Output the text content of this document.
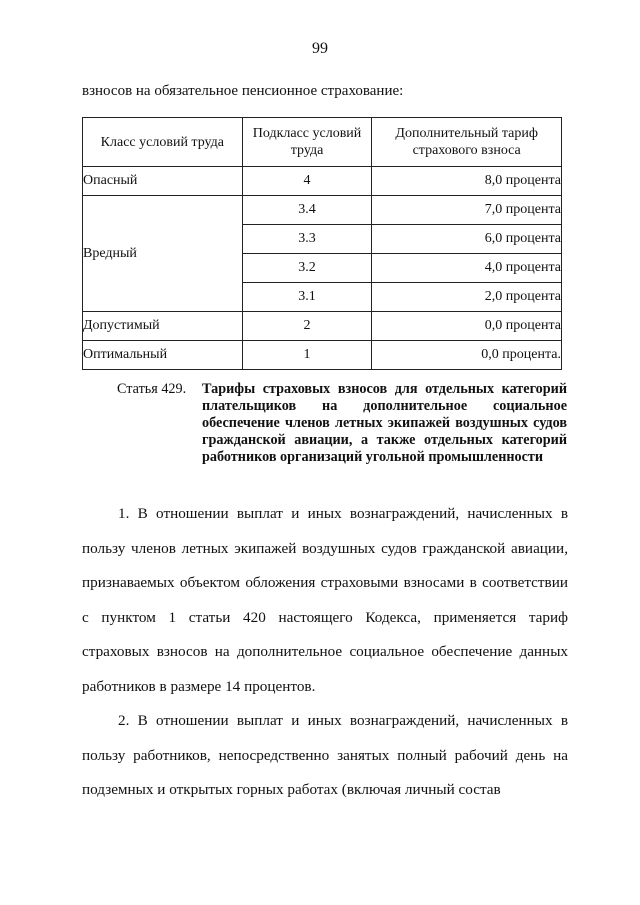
99
взносов на обязательное пенсионное страхование:
Класс условий труда	Подкласс условий труда	Дополнительный тариф страхового взноса
Опасный	4	8,0 процента
Вредный	3.4	7,0 процента
	3.3	6,0 процента
	3.2	4,0 процента
	3.1	2,0 процента
Допустимый	2	0,0 процента
Оптимальный	1	0,0 процента.
Статья 429.	Тарифы страховых взносов для отдельных категорий плательщиков на дополнительное социальное обеспечение членов летных экипажей воздушных судов гражданской авиации, а также отдельных категорий работников организаций угольной промышленности

1. В отношении выплат и иных вознаграждений, начисленных в пользу членов летных экипажей воздушных судов гражданской авиации, признаваемых объектом обложения страховыми взносами в соответствии с пунктом 1 статьи 420 настоящего Кодекса, применяется тариф страховых взносов на дополнительное социальное обеспечение данных работников в размере 14 процентов.

2. В отношении выплат и иных вознаграждений, начисленных в пользу работников, непосредственно занятых полный рабочий день на подземных и открытых горных работах (включая личный состав
